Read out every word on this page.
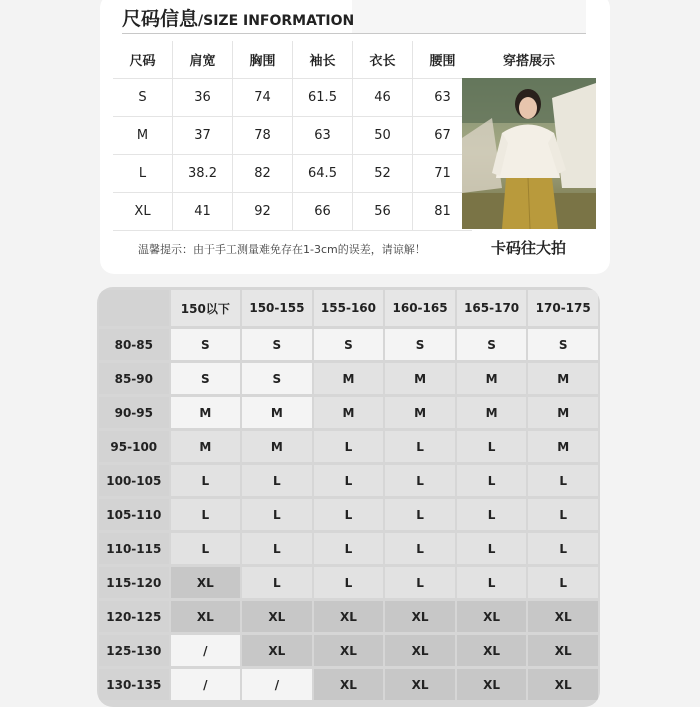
尺码信息/SIZE INFORMATION
尺码	肩宽	胸围	袖长	衣长	腰围
S	36	74	61.5	46	63
M	37	78	63	50	67
L	38.2	82	64.5	52	71
XL	41	92	66	56	81
穿搭展示
温馨提示：由于手工测量难免存在1-3cm的误差，请谅解！	卡码往大拍
	150以下	150-155	155-160	160-165	165-170	170-175
80-85	S	S	S	S	S	S
85-90	S	S	M	M	M	M
90-95	M	M	M	M	M	M
95-100	M	M	L	L	L	M
100-105	L	L	L	L	L	L
105-110	L	L	L	L	L	L
110-115	L	L	L	L	L	L
115-120	XL	L	L	L	L	L
120-125	XL	XL	XL	XL	XL	XL
125-130	/	XL	XL	XL	XL	XL
130-135	/	/	XL	XL	XL	XL
